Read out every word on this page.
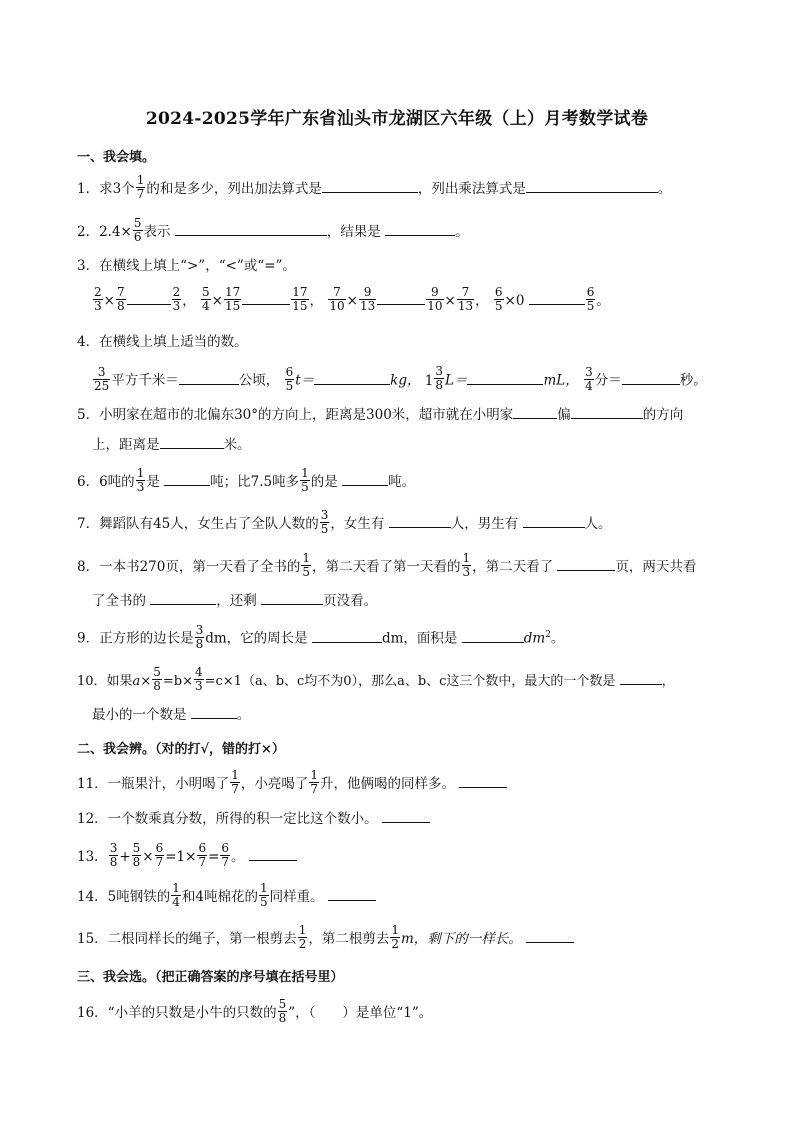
2024-2025学年广东省汕头市龙湖区六年级（上）月考数学试卷
一、我会填。
1．求3个 $\frac{1}{7}$ 的和是多少，列出加法算式是	，列出乘法算式是	。
2．$2.4\times \frac{5}{6}$ 表示	，结果是	。
3．在横线上填上“>”，“<”或“=”。
$\frac{2}{3} \times \frac{7}{8}$	$\frac{2}{3}$ ， $\frac{5}{4} \times \frac{17}{15}$	$\frac{17}{15}$ ， $\frac{7}{10} \times \frac{9}{13}$	$\frac{9}{10} \times \frac{7}{13}$ ， $\frac{6}{5} \times 0$	$\frac{6}{5}$ 。
4．在横线上填上适当的数。
$\frac{3}{25}$ 平方千米＝	公顷， $\frac{6}{5} t=$	kg， 1
3
8 L＝	mL， $\frac{3}{4}$ 分＝	秒。
5．小明家在超市的北偏东30°的方向上，距离是300米，超市就在小明家	偏	的方向
上，距离是	米。
6．6吨的 $\frac{1}{3}$ 是	吨；比7.5吨多 $\frac{1}{5}$ 的是	吨。
7．舞蹈队有45人，女生占了全队人数的 $\frac{3}{5}$ ，女生有	人，男生有	人。
8．一本书270页，第一天看了全书的 $\frac{1}{5}$ ，第二天看了第一天看的 $\frac{1}{3}$ ，第二天看了	页，两天共看
了全书的	，还剩	页没看。
9．正方形的边长是 $\frac{3}{8}$ dm，它的周长是	dm，面积是	$dm^2$。
10．如果$a\times \frac{5}{8} =b\times \frac{4}{3} =c\times 1(a$、b、c均不为0），那么a、b、c这三个数中，最大的一个数是	，
最小的一个数是	。
二、我会辨。（对的打√，错的打×）
11．一瓶果汁，小明喝了 $\frac{1}{7}$ ，小亮喝了 $\frac{1}{7}$ 升，他俩喝的同样多。
12．一个数乘真分数，所得的积一定比这个数小。
13． $\frac{3}{8} + \frac{5}{8} \times \frac{6}{7} =1\times \frac{6}{7} = \frac{6}{7}$ 。
14．5吨钢铁的 $\frac{1}{4}$ 和4吨棉花的 $\frac{1}{5}$ 同样重。
15．二根同样长的绳子，第一根剪去 $\frac{1}{2}$ ，第二根剪去 $\frac{1}{2}$ m，剩下的一样长。
三、我会选。（把正确答案的序号填在括号里）
16．“小羊的只数是小牛的只数的 $\frac{5}{8}$ ”，（　　）是单位“1”。
